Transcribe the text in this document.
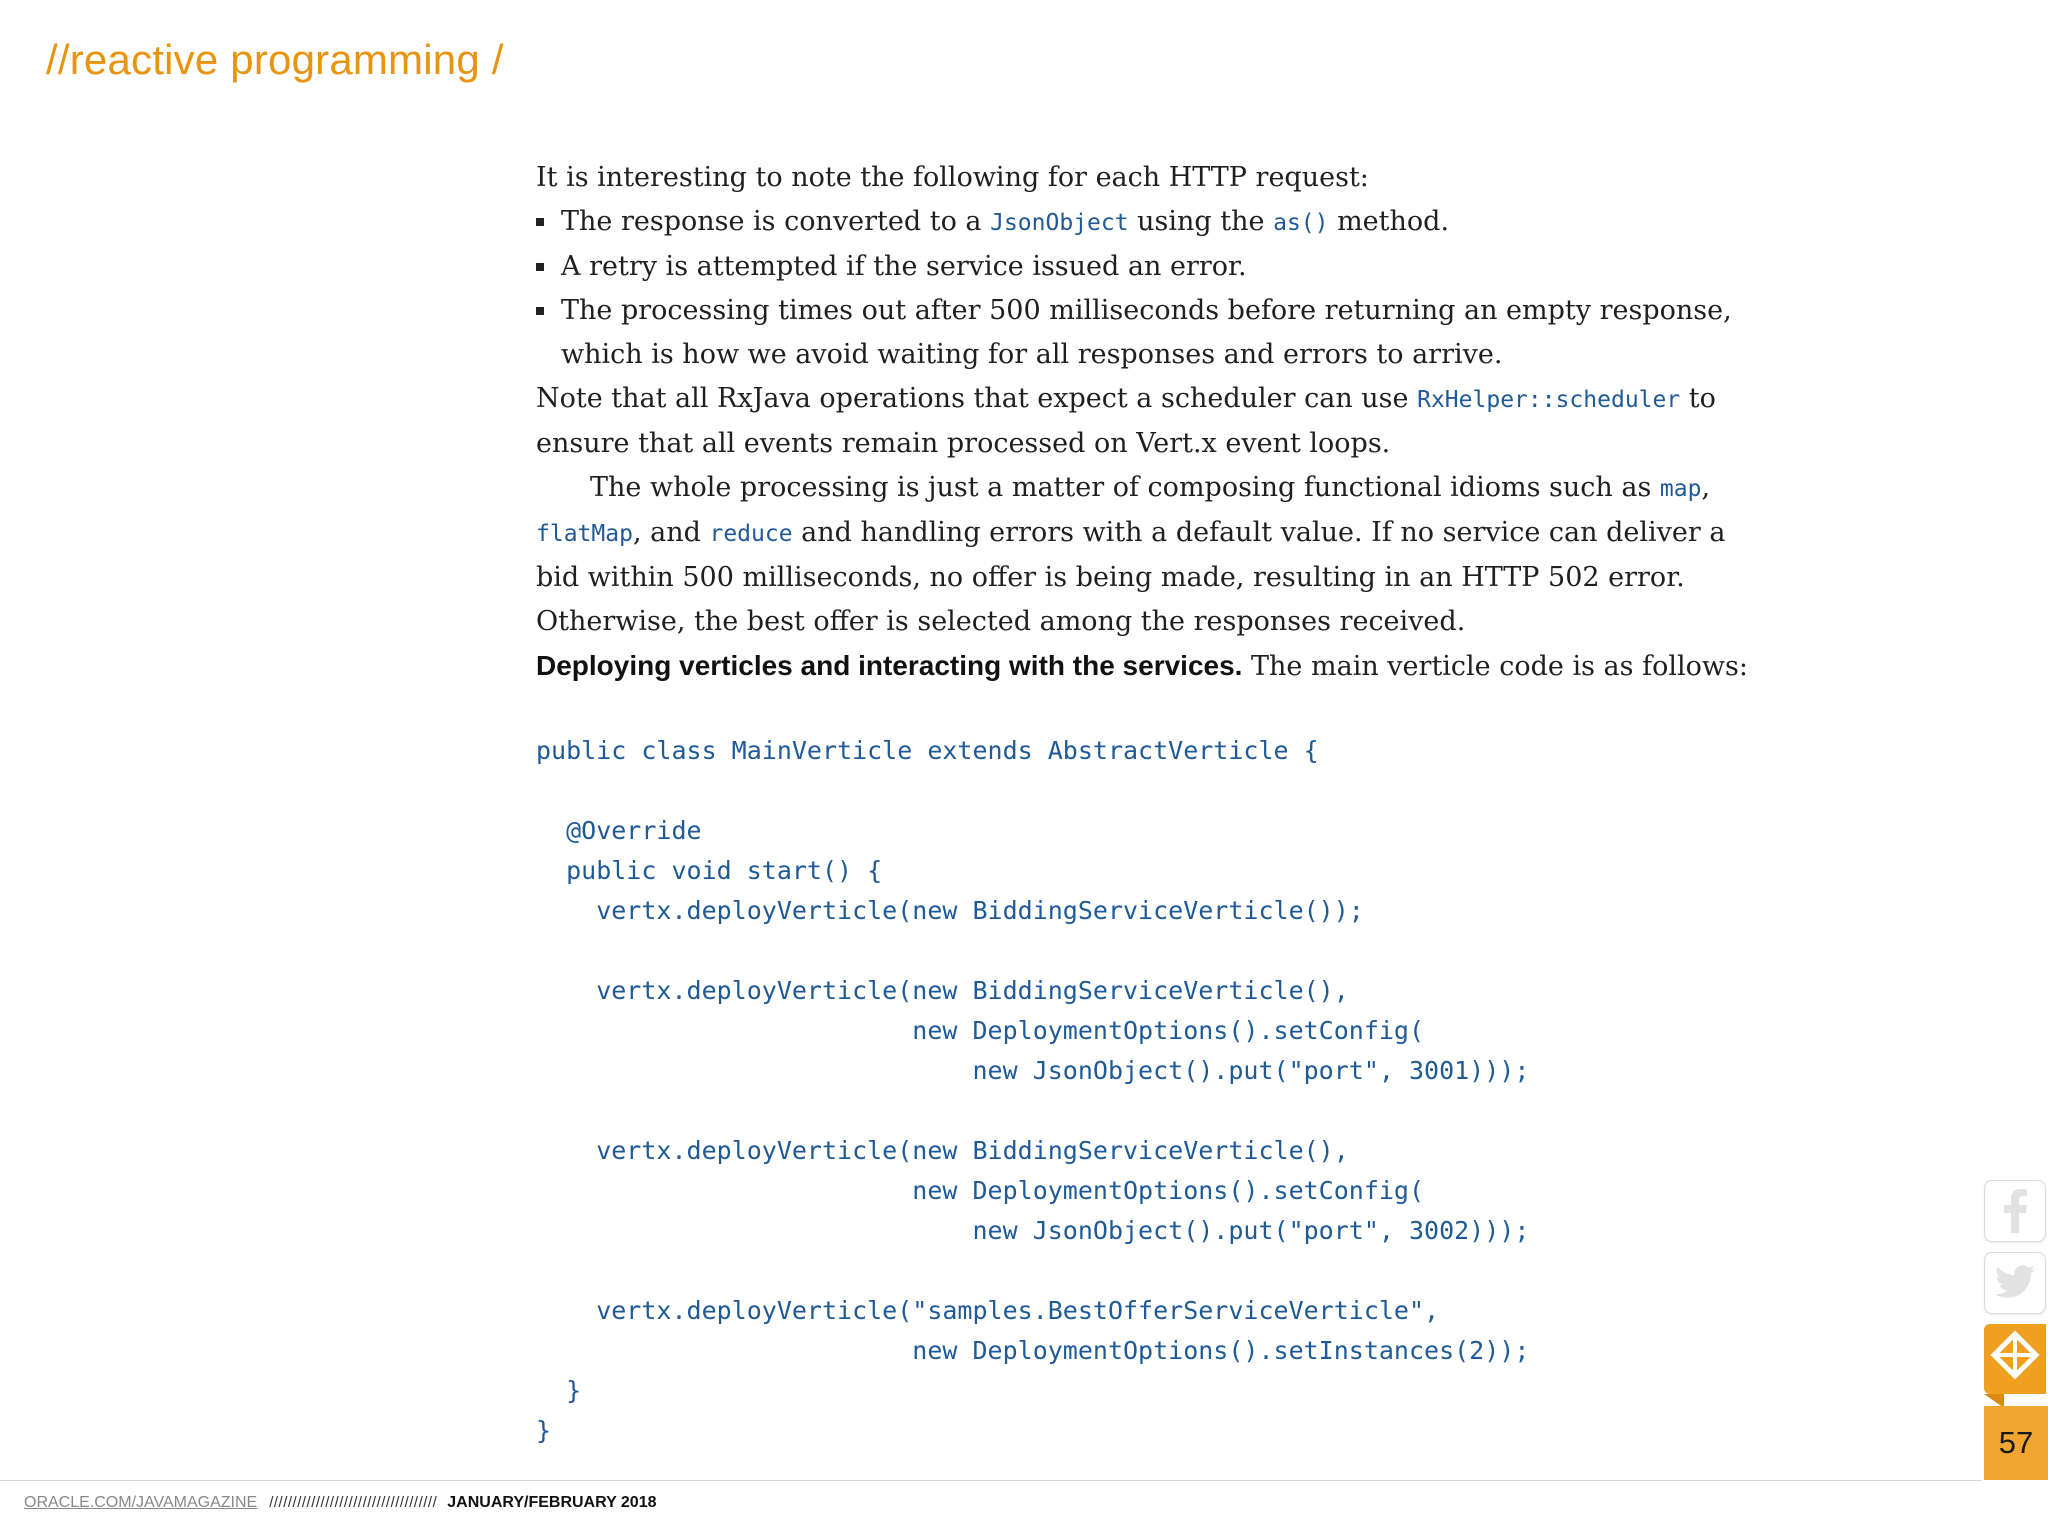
//reactive programming /

It is interesting to note the following for each HTTP request:

The response is converted to a JsonObject using the as() method.
A retry is attempted if the service issued an error.
The processing times out after 500 milliseconds before returning an empty response, which is how we avoid waiting for all responses and errors to arrive.

Note that all RxJava operations that expect a scheduler can use RxHelper::scheduler to ensure that all events remain processed on Vert.x event loops.

The whole processing is just a matter of composing functional idioms such as map, flatMap, and reduce and handling errors with a default value. If no service can deliver a bid within 500 milliseconds, no offer is being made, resulting in an HTTP 502 error. Otherwise, the best offer is selected among the responses received.

Deploying verticles and interacting with the services. The main verticle code is as follows:

public class MainVerticle extends AbstractVerticle {

@Override
public void start() {
vertx.deployVerticle(new BiddingServiceVerticle());

vertx.deployVerticle(new BiddingServiceVerticle(),
new DeploymentOptions().setConfig(
new JsonObject().put("port", 3001)));

vertx.deployVerticle(new BiddingServiceVerticle(),
new DeploymentOptions().setConfig(
new JsonObject().put("port", 3002)));

vertx.deployVerticle("samples.BestOfferServiceVerticle",
new DeploymentOptions().setInstances(2));
}
}
ORACLE.COM/JAVAMAGAZINE //////////////////////////////////// JANUARY/FEBRUARY 2018
57
